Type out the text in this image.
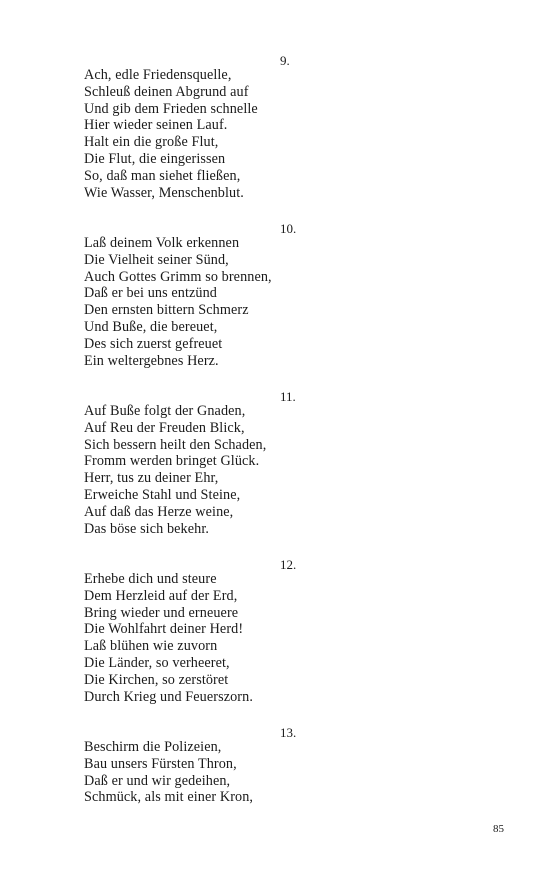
9.
Ach, edle Friedensquelle,
Schleuß deinen Abgrund auf
Und gib dem Frieden schnelle
Hier wieder seinen Lauf.
Halt ein die große Flut,
Die Flut, die eingerissen
So, daß man siehet fließen,
Wie Wasser, Menschenblut.
10.
Laß deinem Volk erkennen
Die Vielheit seiner Sünd,
Auch Gottes Grimm so brennen,
Daß er bei uns entzünd
Den ernsten bittern Schmerz
Und Buße, die bereuet,
Des sich zuerst gefreuet
Ein weltergebnes Herz.
11.
Auf Buße folgt der Gnaden,
Auf Reu der Freuden Blick,
Sich bessern heilt den Schaden,
Fromm werden bringet Glück.
Herr, tus zu deiner Ehr,
Erweiche Stahl und Steine,
Auf daß das Herze weine,
Das böse sich bekehr.
12.
Erhebe dich und steure
Dem Herzleid auf der Erd,
Bring wieder und erneuere
Die Wohlfahrt deiner Herd!
Laß blühen wie zuvorn
Die Länder, so verheeret,
Die Kirchen, so zerstöret
Durch Krieg und Feuerszorn.
13.
Beschirm die Polizeien,
Bau unsers Fürsten Thron,
Daß er und wir gedeihen,
Schmück, als mit einer Kron,
85
